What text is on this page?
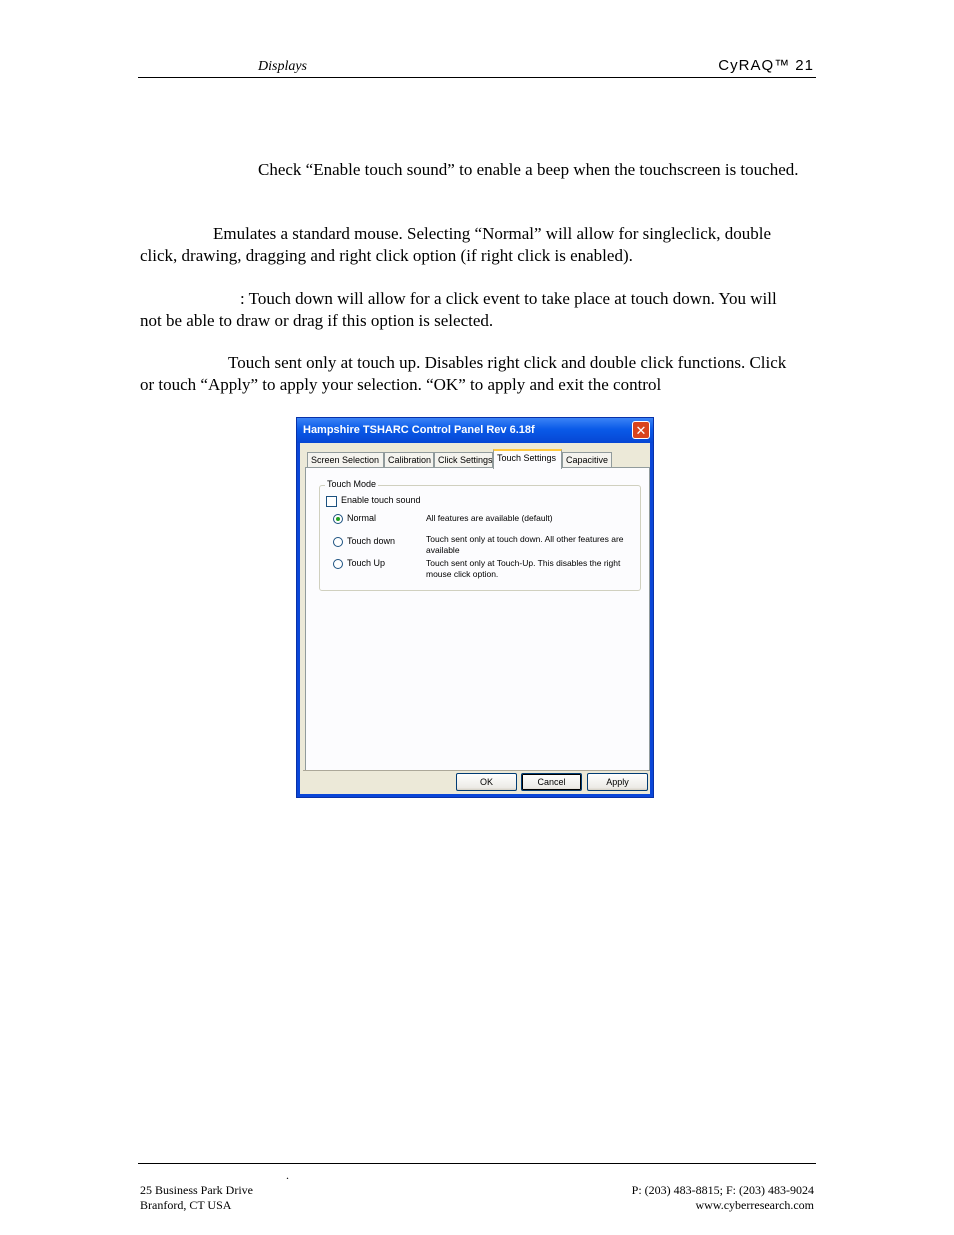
Displays	CyRAQ™ 21
Check “Enable touch sound” to enable a beep when the touchscreen is touched.
Emulates a standard mouse. Selecting “Normal” will allow for singleclick, double click, drawing, dragging and right click option (if right click is enabled).
: Touch down will allow for a click event to take place at touch down. You will not be able to draw or drag if this option is selected.
Touch sent only at touch up. Disables right click and double click functions. Click or touch “Apply” to apply your selection. “OK” to apply and exit the control
Hampshire TSHARC Control Panel Rev 6.18f	✕
Screen Selection Calibration Click Settings Touch Settings	Capacitive
Touch Mode
Enable touch sound
Normal	All features are available (default)
Touch down	Touch sent only at touch down. All other features are available
Touch Up	Touch sent only at Touch-Up. This disables the right mouse click option.
OK	Cancel	Apply
.
25 Business Park Drive
Branford, CT USA
P: (203) 483-8815; F: (203) 483-9024
www.cyberresearch.com
